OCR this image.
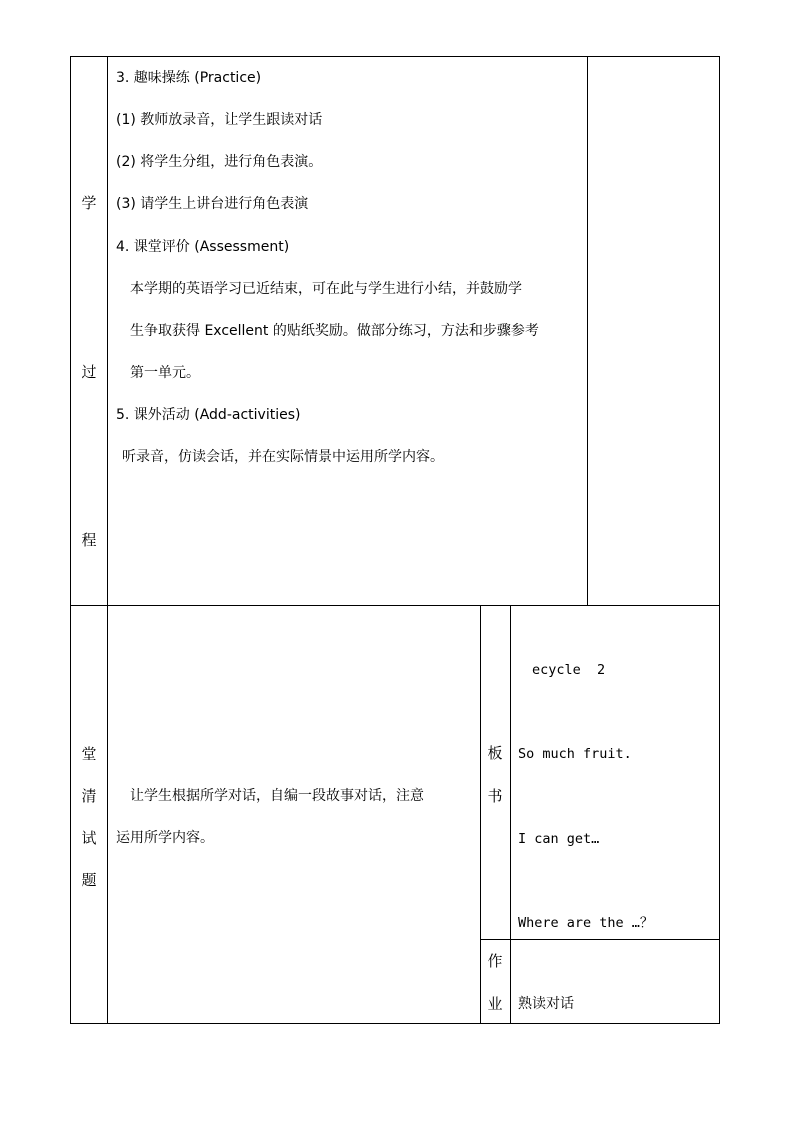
学
过
程
3. 趣味操练 (Practice)
(1) 教师放录音，让学生跟读对话
(2) 将学生分组，进行角色表演。
(3) 请学生上讲台进行角色表演
4. 课堂评价 (Assessment)
本学期的英语学习已近结束，可在此与学生进行小结，并鼓励学
生争取获得 Excellent 的贴纸奖励。做部分练习，方法和步骤参考
第一单元。
5. 课外活动 (Add-activities)
听录音，仿读会话，并在实际情景中运用所学内容。
堂
清
试
题
让学生根据所学对话，自编一段故事对话，注意
运用所学内容。
板
书
ecycle  2
So much fruit.
I can get…
Where are the …？
作
业	熟读对话
